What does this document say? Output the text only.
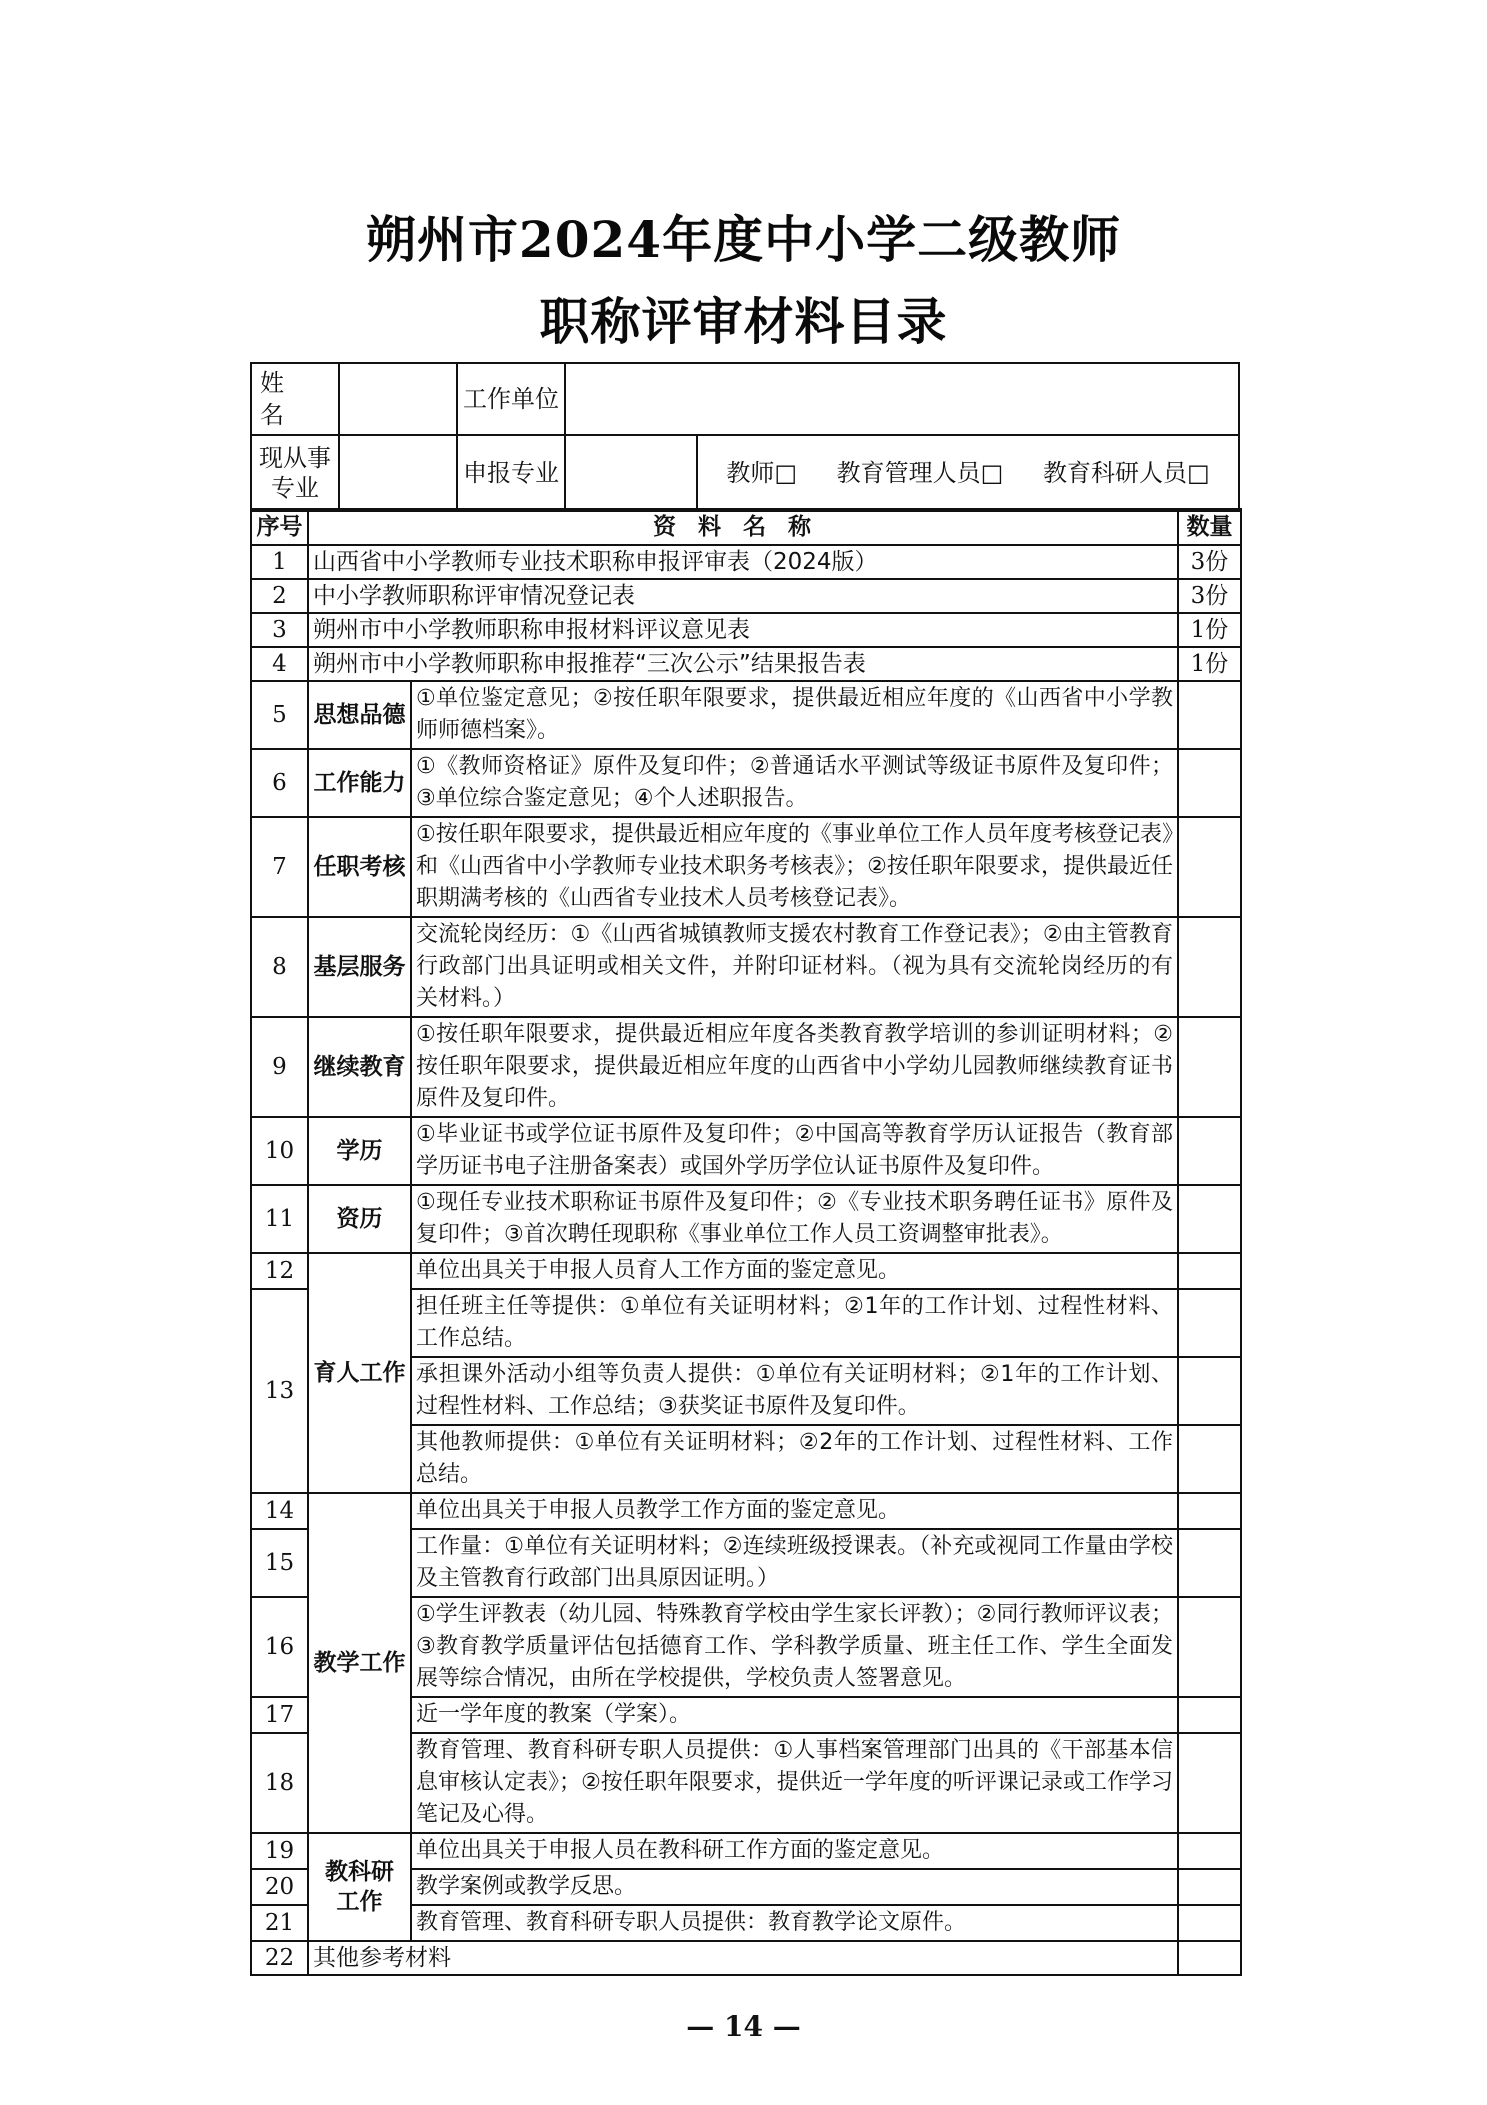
朔州市2024年度中小学二级教师
职称评审材料目录
姓　名		工作单位		
现从事专业		申报专业		教师□ 教育管理人员□ 教育科研人员□
序号	资料名称		数量
1	山西省中小学教师专业技术职称申报评审表（2024版）		3份
2	中小学教师职称评审情况登记表		3份
3	朔州市中小学教师职称申报材料评议意见表		1份
4	朔州市中小学教师职称申报推荐“三次公示”结果报告表		1份
5	思想品德	①单位鉴定意见；②按任职年限要求，提供最近相应年度的《山西省中小学教师师德档案》。	
6	工作能力	①《教师资格证》原件及复印件；②普通话水平测试等级证书原件及复印件；③单位综合鉴定意见；④个人述职报告。	
7	任职考核	①按任职年限要求，提供最近相应年度的《事业单位工作人员年度考核登记表》和《山西省中小学教师专业技术职务考核表》；②按任职年限要求，提供最近任职期满考核的《山西省专业技术人员考核登记表》。	
8	基层服务	交流轮岗经历：①《山西省城镇教师支援农村教育工作登记表》；②由主管教育行政部门出具证明或相关文件，并附印证材料。（视为具有交流轮岗经历的有关材料。）	
9	继续教育	①按任职年限要求，提供最近相应年度各类教育教学培训的参训证明材料；②按任职年限要求，提供最近相应年度的山西省中小学幼儿园教师继续教育证书原件及复印件。	
10	学历	①毕业证书或学位证书原件及复印件；②中国高等教育学历认证报告（教育部学历证书电子注册备案表）或国外学历学位认证书原件及复印件。	
11	资历	①现任专业技术职称证书原件及复印件；②《专业技术职务聘任证书》原件及复印件；③首次聘任现职称《事业单位工作人员工资调整审批表》。	
12	育人工作	单位出具关于申报人员育人工作方面的鉴定意见。	
13		担任班主任等提供：①单位有关证明材料；②1年的工作计划、过程性材料、工作总结。	
		承担课外活动小组等负责人提供：①单位有关证明材料；②1年的工作计划、过程性材料、工作总结；③获奖证书原件及复印件。	
		其他教师提供：①单位有关证明材料；②2年的工作计划、过程性材料、工作总结。	
14	教学工作	单位出具关于申报人员教学工作方面的鉴定意见。	
15		工作量：①单位有关证明材料；②连续班级授课表。（补充或视同工作量由学校及主管教育行政部门出具原因证明。）	
16		①学生评教表（幼儿园、特殊教育学校由学生家长评教）；②同行教师评议表；③教育教学质量评估包括德育工作、学科教学质量、班主任工作、学生全面发展等综合情况，由所在学校提供，学校负责人签署意见。	
17		近一学年度的教案（学案）。	
18		教育管理、教育科研专职人员提供：①人事档案管理部门出具的《干部基本信息审核认定表》；②按任职年限要求，提供近一学年度的听评课记录或工作学习笔记及心得。	
19	教科研工作	单位出具关于申报人员在教科研工作方面的鉴定意见。	
20		教学案例或教学反思。	
21		教育管理、教育科研专职人员提供：教育教学论文原件。	
22	其他参考材料		
— 14 —
